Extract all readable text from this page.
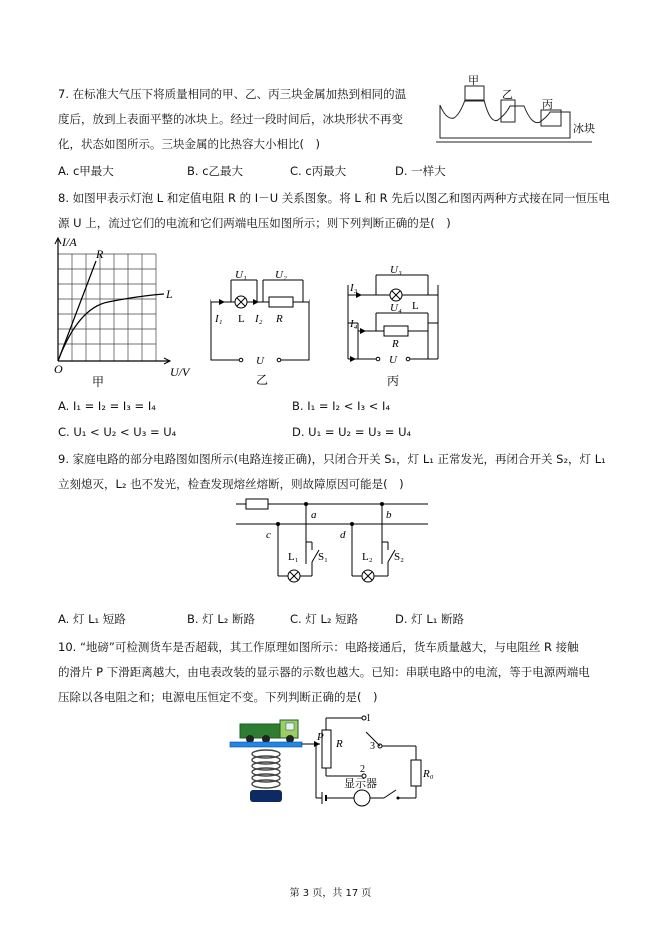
7. 在标准大气压下将质量相同的甲、乙、丙三块金属加热到相同的温
度后，放到上表面平整的冰块上。经过一段时间后，冰块形状不再变
化，状态如图所示。三块金属的比热容大小相比(　)
甲
乙
丙
冰块
A. c甲最大	B. c乙最大	C. c丙最大	D. 一样大
8. 如图甲表示灯泡 L 和定值电阻 R 的 I－U 关系图象。将 L 和 R 先后以图乙和图丙两种方式接在同一恒压电
源 U 上，流过它们的电流和它们两端电压如图所示；则下列判断正确的是(　)
I/A
U/V
O
R
L
甲
U₁	U₂
I₁	I₂
L	R
U
乙
U₃
U₄
I₃
I₄
L
R
U
丙
A. I₁ = I₂ = I₃ = I₄	B. I₁ = I₂ < I₃ < I₄
C. U₁ < U₂ < U₃ = U₄	D. U₁ = U₂ = U₃ = U₄
9. 家庭电路的部分电路图如图所示(电路连接正确)，只闭合开关 S₁，灯 L₁ 正常发光，再闭合开关 S₂，灯 L₁
立刻熄灭，L₂ 也不发光，检查发现熔丝熔断，则故障原因可能是(　)
a	b
c	d
L₁ S₁	L₂ S₂
A. 灯 L₁ 短路	B. 灯 L₂ 断路	C. 灯 L₂ 短路	D. 灯 L₁ 断路
10. “地磅”可检测货车是否超载，其工作原理如图所示：电路接通后，货车质量越大，与电阻丝 R 接触
的滑片 P 下滑距离越大，由电表改装的显示器的示数也越大。已知：串联电路中的电流，等于电源两端电
压除以各电阻之和；电源电压恒定不变。下列判断正确的是(　)
P
R
1
2
3
R₀
显示器
第 3 页，共 17 页
